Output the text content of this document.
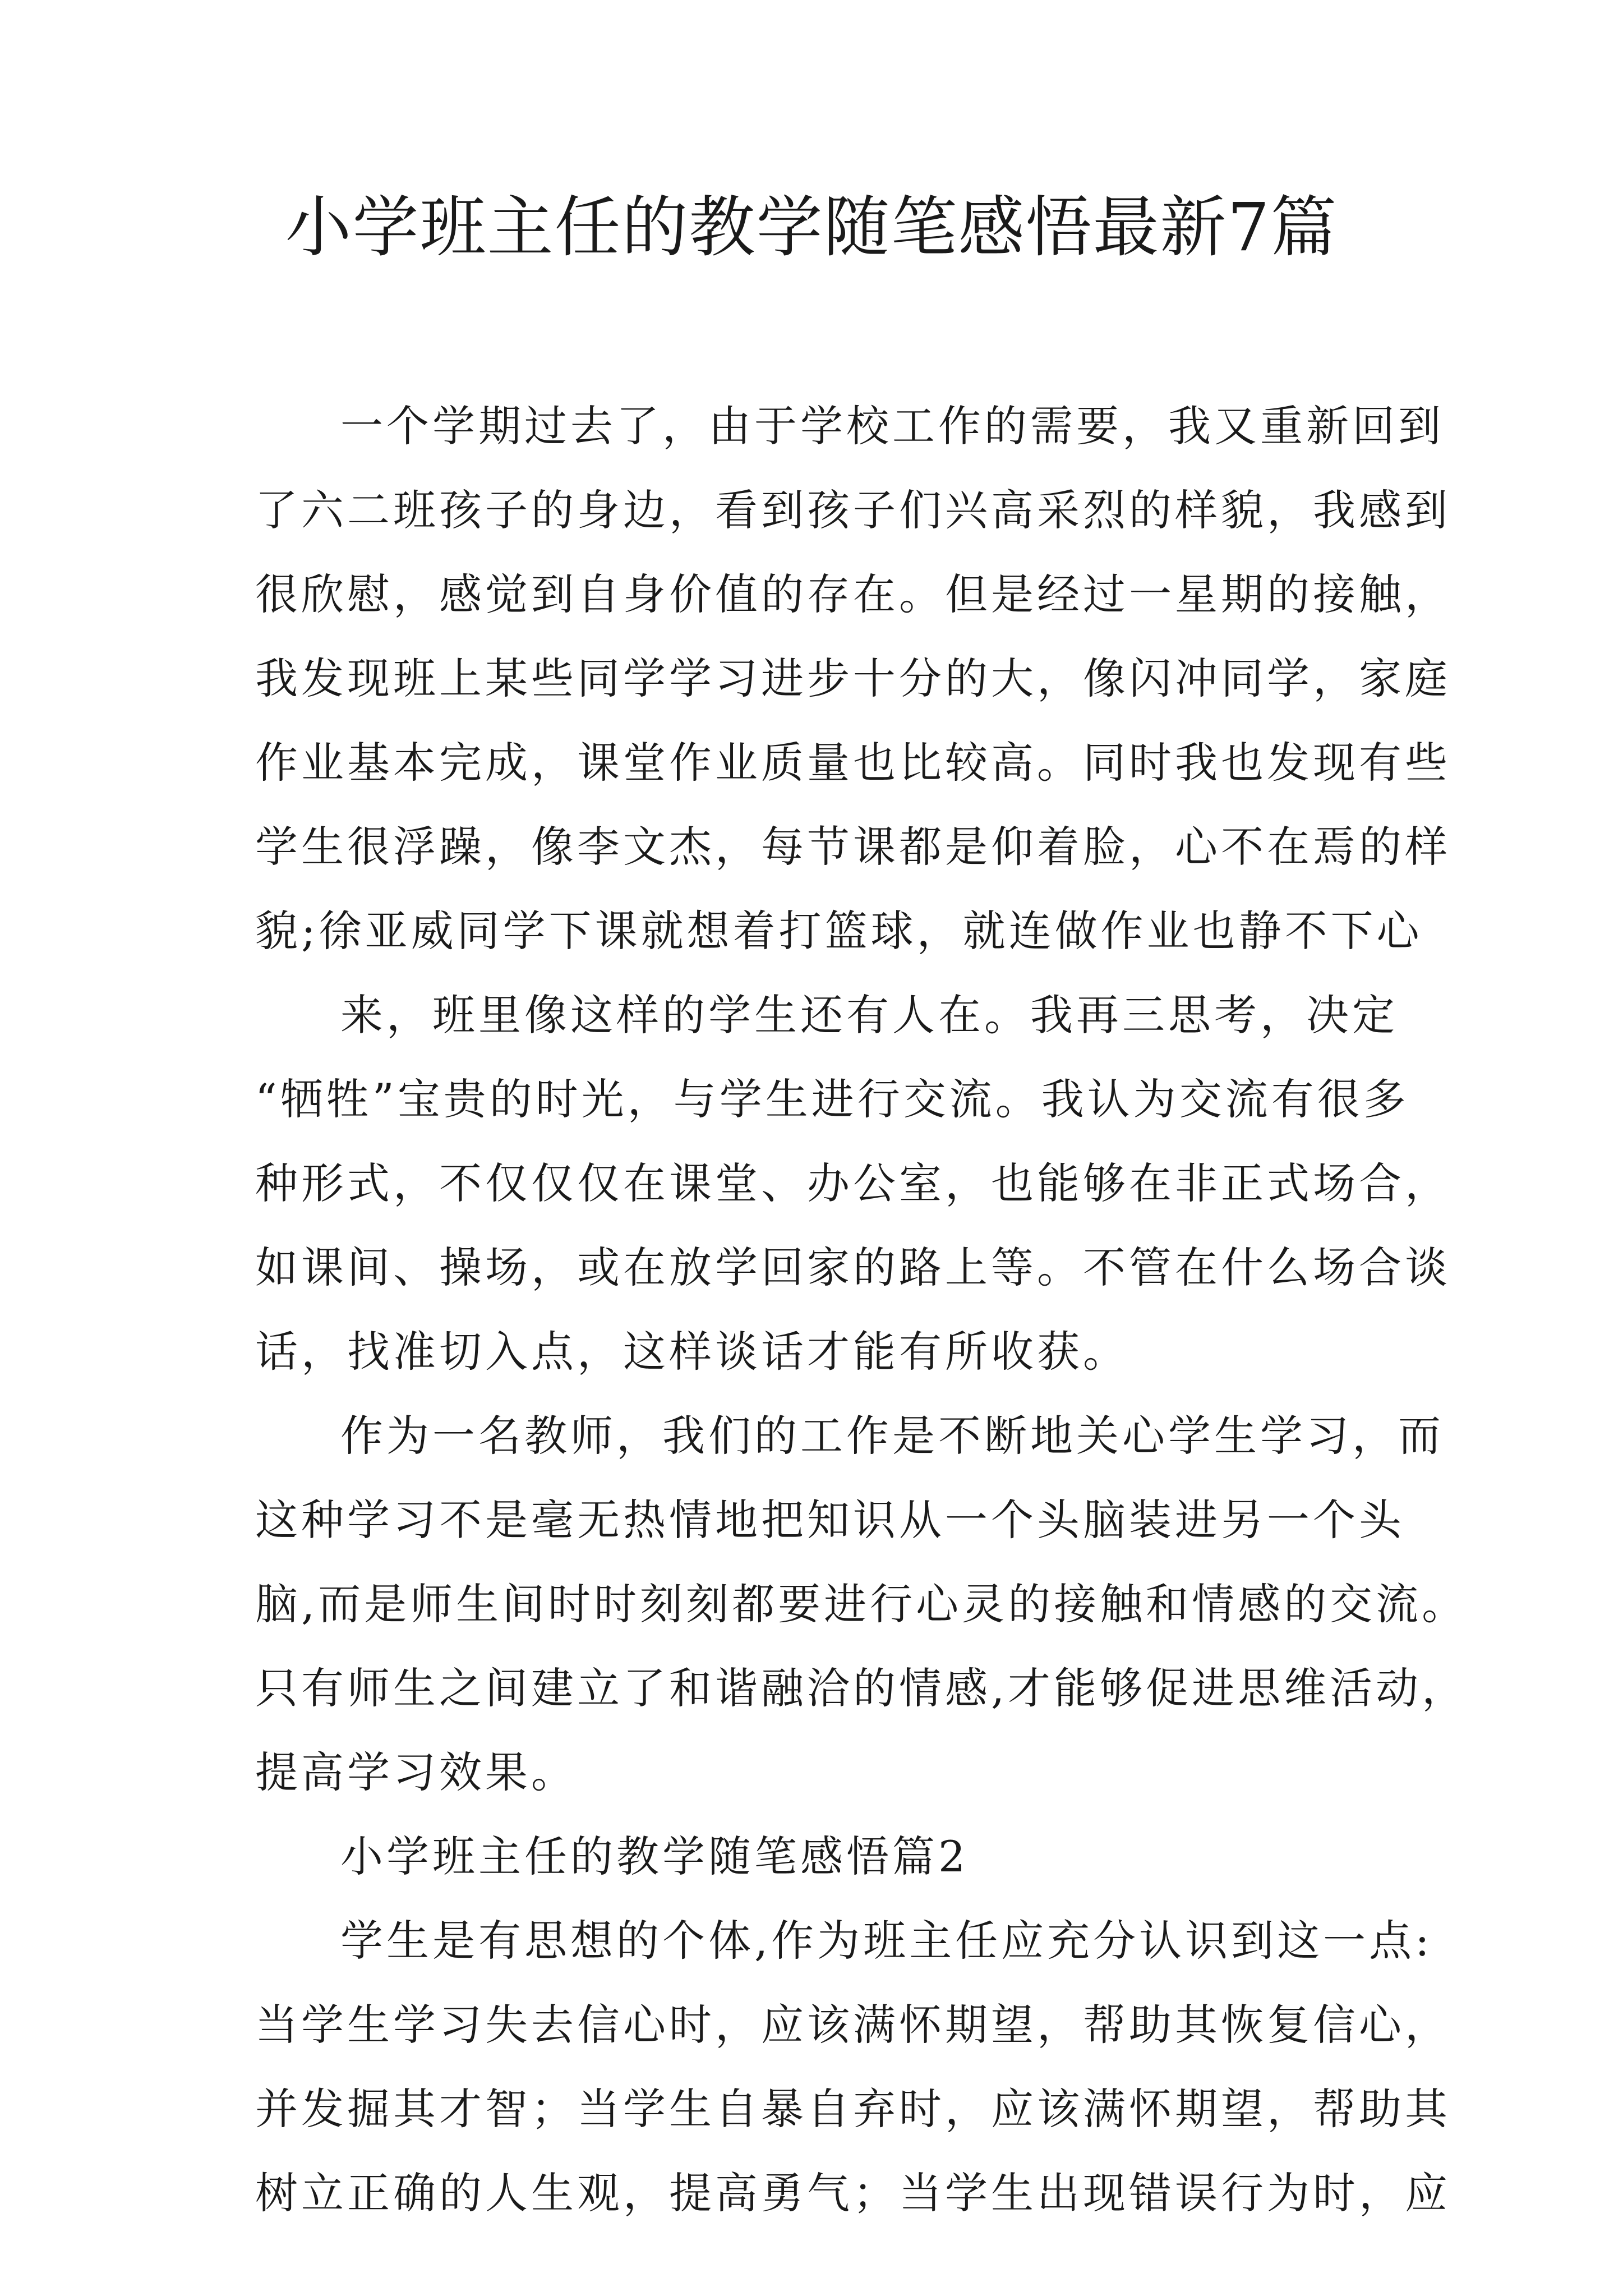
小学班主任的教学随笔感悟最新7篇
一个学期过去了，由于学校工作的需要，我又重新回到
了六二班孩子的身边，看到孩子们兴高采烈的样貌，我感到
很欣慰，感觉到自身价值的存在。但是经过一星期的接触，
我发现班上某些同学学习进步十分的大，像闪冲同学，家庭
作业基本完成，课堂作业质量也比较高。同时我也发现有些
学生很浮躁，像李文杰，每节课都是仰着脸，心不在焉的样
貌;徐亚威同学下课就想着打篮球，就连做作业也静不下心
来，班里像这样的学生还有人在。我再三思考，决定
“牺牲”宝贵的时光，与学生进行交流。我认为交流有很多
种形式，不仅仅仅在课堂、办公室，也能够在非正式场合，
如课间、操场，或在放学回家的路上等。不管在什么场合谈
话，找准切入点，这样谈话才能有所收获。
作为一名教师，我们的工作是不断地关心学生学习，而
这种学习不是毫无热情地把知识从一个头脑装进另一个头
脑,而是师生间时时刻刻都要进行心灵的接触和情感的交流。
只有师生之间建立了和谐融洽的情感,才能够促进思维活动，
提高学习效果。
小学班主任的教学随笔感悟篇2
学生是有思想的个体,作为班主任应充分认识到这一点:
当学生学习失去信心时，应该满怀期望，帮助其恢复信心，
并发掘其才智；当学生自暴自弃时，应该满怀期望，帮助其
树立正确的人生观，提高勇气；当学生出现错误行为时，应
